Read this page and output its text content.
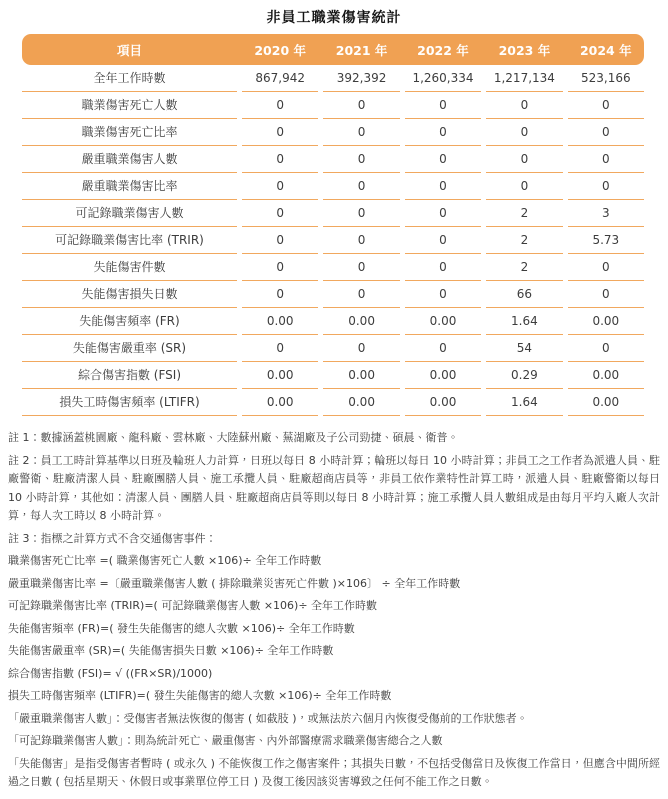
非員工職業傷害統計
項目	2020 年	2021 年	2022 年	2023 年	2024 年
全年工作時數	867,942	392,392	1,260,334	1,217,134	523,166
職業傷害死亡人數	0	0	0	0	0
職業傷害死亡比率	0	0	0	0	0
嚴重職業傷害人數	0	0	0	0	0
嚴重職業傷害比率	0	0	0	0	0
可記錄職業傷害人數	0	0	0	2	3
可記錄職業傷害比率 (TRIR)	0	0	0	2	5.73
失能傷害件數	0	0	0	2	0
失能傷害損失日數	0	0	0	66	0
失能傷害頻率 (FR)	0.00	0.00	0.00	1.64	0.00
失能傷害嚴重率 (SR)	0	0	0	54	0
綜合傷害指數 (FSI)	0.00	0.00	0.00	0.29	0.00
損失工時傷害頻率 (LTIFR)	0.00	0.00	0.00	1.64	0.00
註 1：數據涵蓋桃園廠、龍科廠、雲林廠、大陸蘇州廠、蕪湖廠及子公司勁捷、碩晨、衛普。
註 2：員工工時計算基準以日班及輪班人力計算，日班以每日 8 小時計算；輪班以每日 10 小時計算；非員工之工作者為派遣人員、駐廠警衛、駐廠清潔人員、駐廠團膳人員、施工承攬人員、駐廠超商店員等，非員工依作業特性計算工時，派遣人員、駐廠警衛以每日 10 小時計算，其他如：清潔人員、團膳人員、駐廠超商店員等則以每日 8 小時計算；施工承攬人員人數組成是由每月平均入廠人次計算，每人次工時以 8 小時計算。
註 3：指標之計算方式不含交通傷害事件：
職業傷害死亡比率 =( 職業傷害死亡人數 ×106)÷ 全年工作時數
嚴重職業傷害比率 =〔嚴重職業傷害人數 ( 排除職業災害死亡件數 )×106〕 ÷ 全年工作時數
可記錄職業傷害比率 (TRIR)=( 可記錄職業傷害人數 ×106)÷ 全年工作時數
失能傷害頻率 (FR)=( 發生失能傷害的總人次數 ×106)÷ 全年工作時數
失能傷害嚴重率 (SR)=( 失能傷害損失日數 ×106)÷ 全年工作時數
綜合傷害指數 (FSI)= √ ((FR×SR)/1000)
損失工時傷害頻率 (LTIFR)=( 發生失能傷害的總人次數 ×106)÷ 全年工作時數
「嚴重職業傷害人數」：受傷害者無法恢復的傷害 ( 如截肢 )，或無法於六個月內恢復受傷前的工作狀態者。
「可記錄職業傷害人數」：則為統計死亡、嚴重傷害、內外部醫療需求職業傷害總合之人數
「失能傷害」是指受傷害者暫時 ( 或永久 ) 不能恢復工作之傷害案件；其損失日數，不包括受傷當日及恢復工作當日，但應含中間所經過之日數 ( 包括星期天、休假日或事業單位停工日 ) 及復工後因該災害導致之任何不能工作之日數。
